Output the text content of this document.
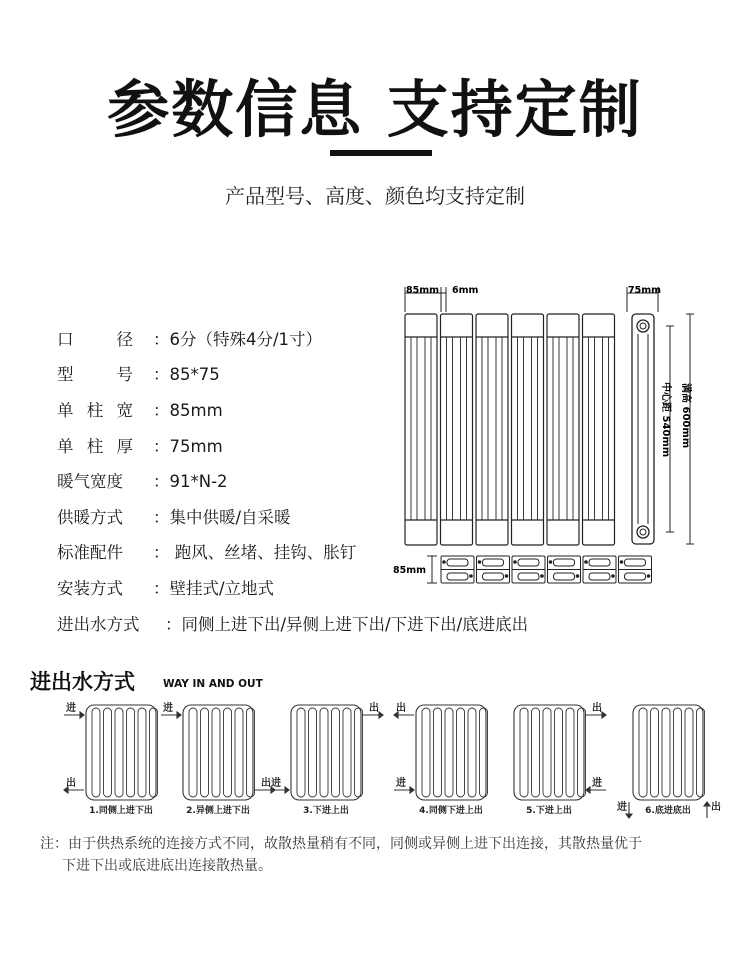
参数信息 支持定制
产品型号、高度、颜色均支持定制
口	径 ：6分（特殊4分/1寸）
型	号 ：85*75
单 柱 宽 ：85mm
单 柱 厚 ：75mm
暖气宽度	：91*N-2
供暖方式	：集中供暖/自采暖
标准配件	： 跑风、丝堵、挂钩、胀钉
安装方式	：壁挂式/立地式
进出水方式	：同侧上进下出/异侧上进下出/下进下出/底进底出
85mm 6mm	75mm
中心距 540mm 满高 600mm
85mm
进出水方式	WAY IN AND OUT
1.同侧上进下出
进
出
2.异侧上进下出
进
出
3.下进上出
进
出
4.同侧下进上出
出
进
5.下进上出
出
进
6.底进底出
进	出
注：由于供热系统的连接方式不同，故散热量稍有不同，同侧或异侧上进下出连接，其散热量优于
下进下出或底进底出连接散热量。
